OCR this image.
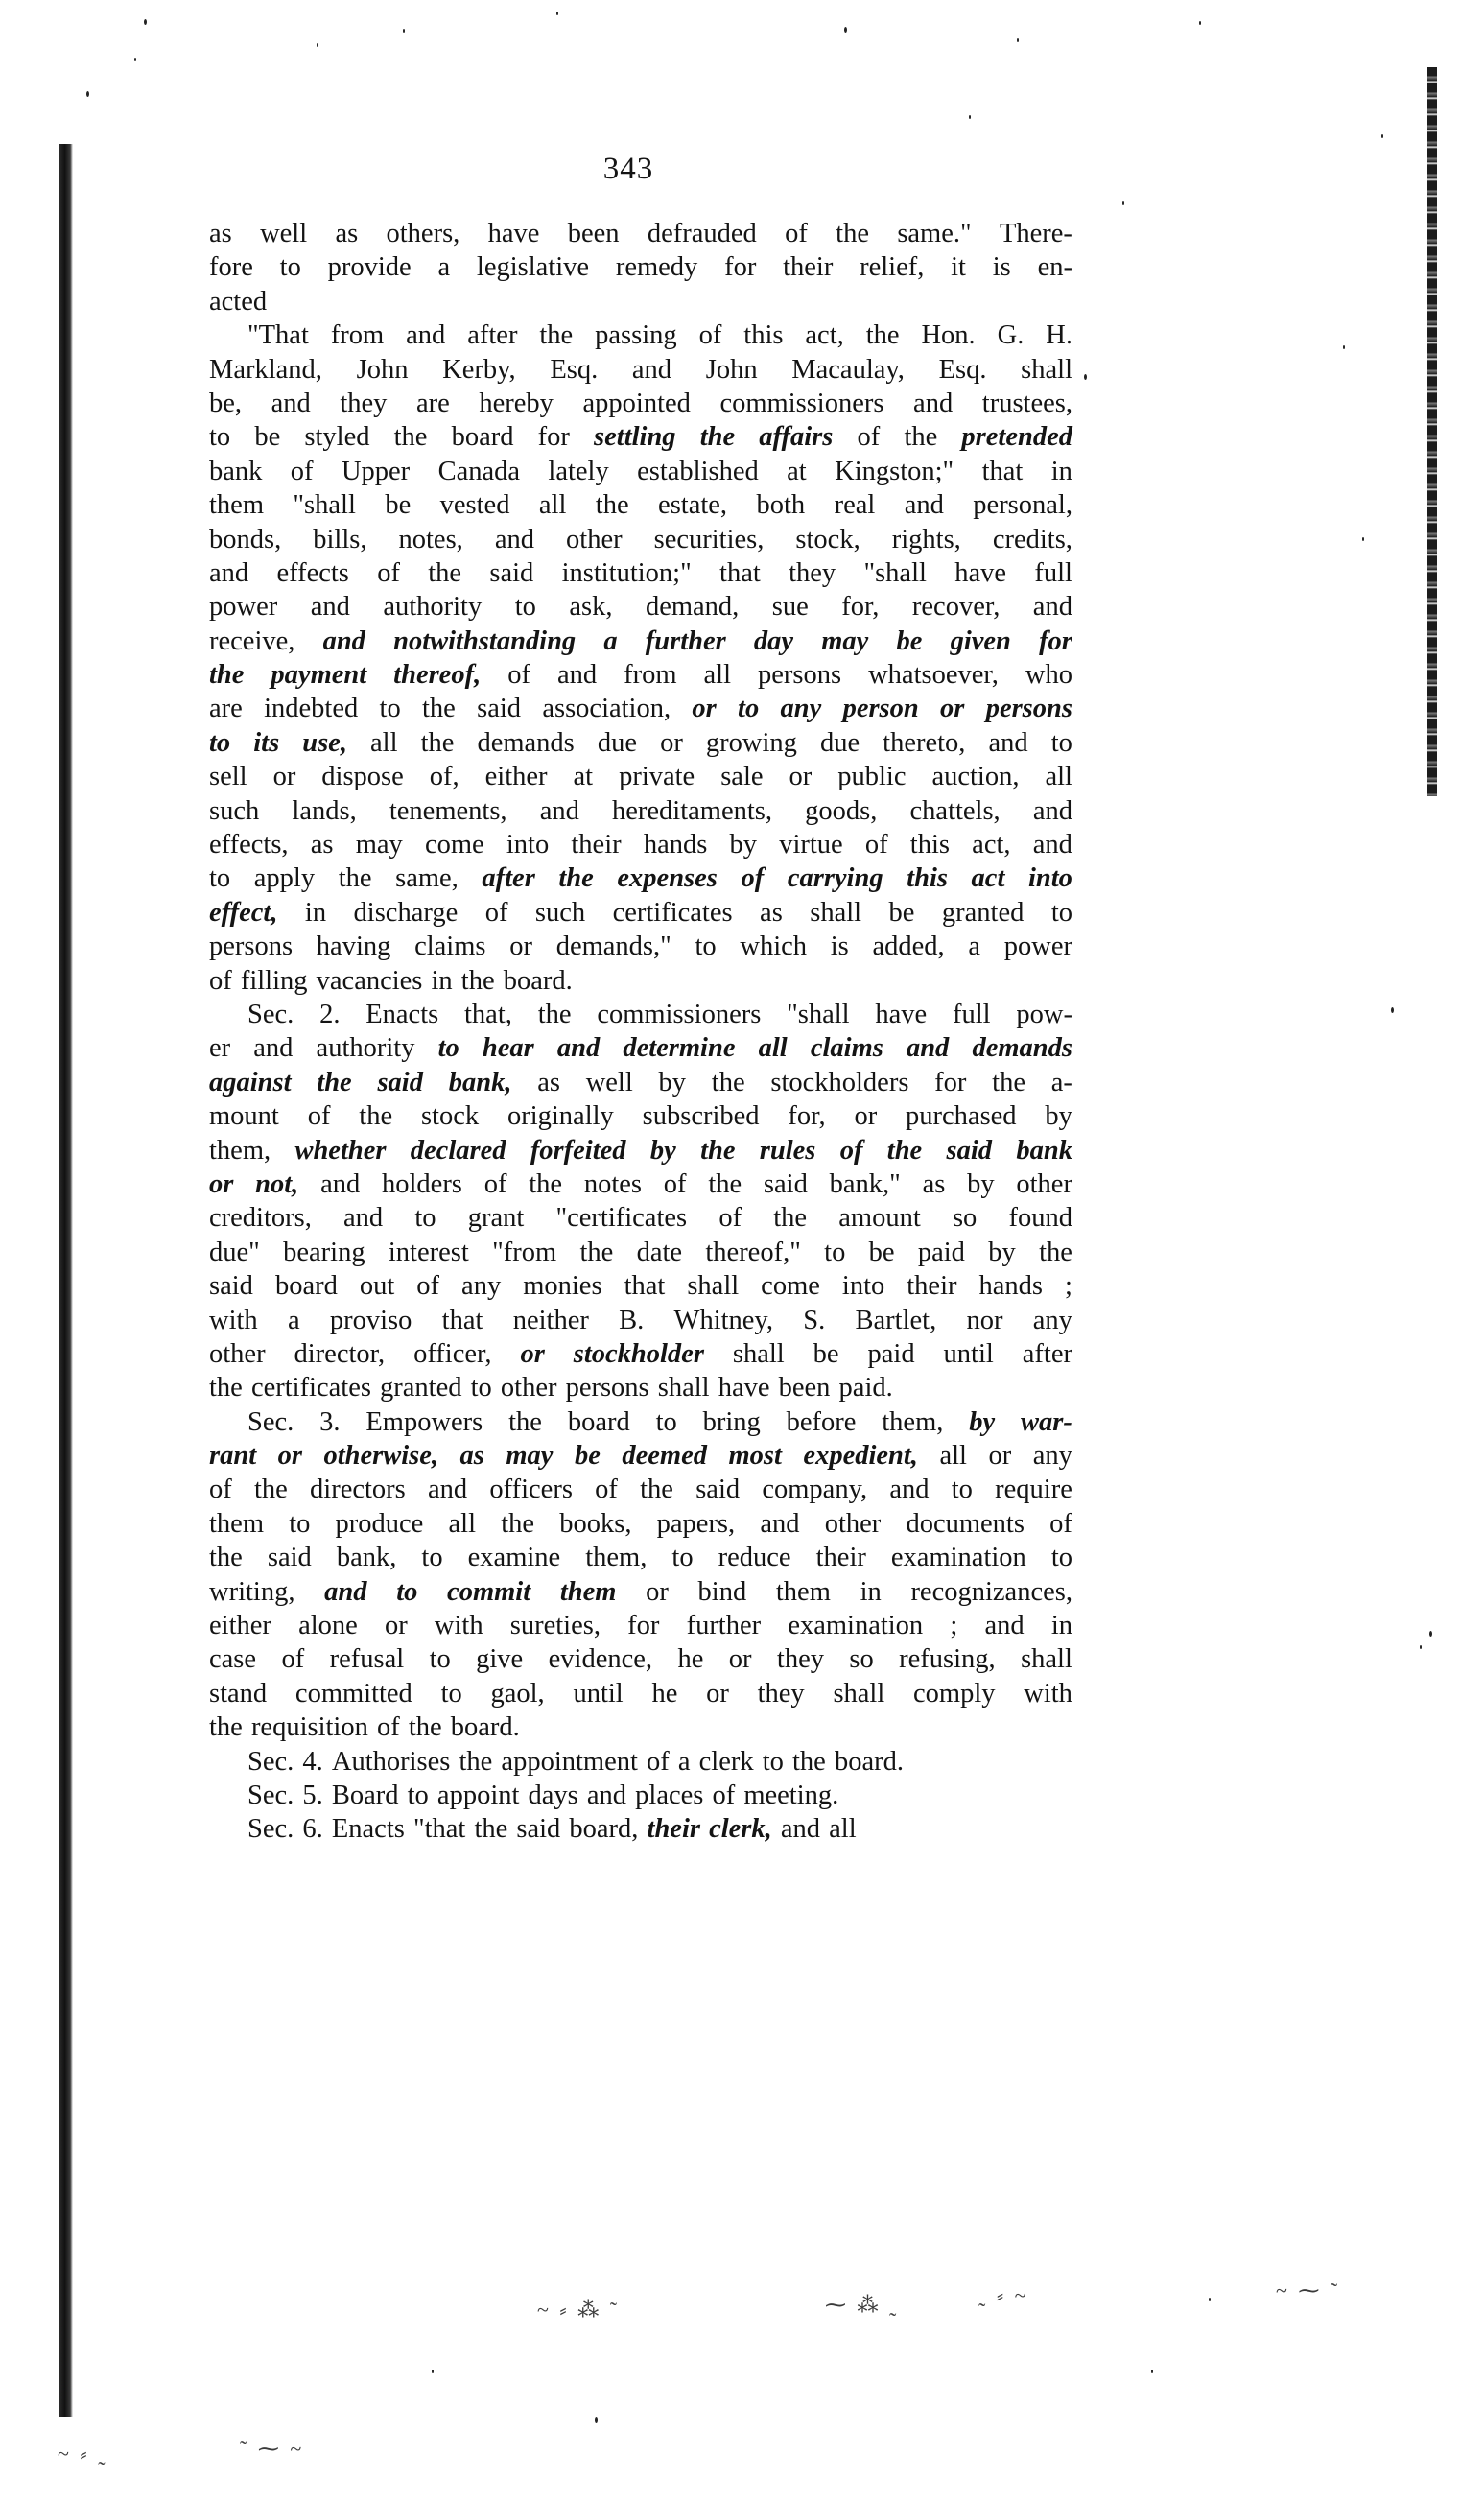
343
as well as others, have been defrauded of the same." There-
fore to provide a legislative remedy for their relief, it is en-
acted
"That from and after the passing of this act, the Hon. G. H.
Markland, John Kerby, Esq. and John Macaulay, Esq. shall
be, and they are hereby appointed commissioners and trustees,
to be styled the board for settling the affairs of the pretended
bank of Upper Canada lately established at Kingston;" that in
them "shall be vested all the estate, both real and personal,
bonds, bills, notes, and other securities, stock, rights, credits,
and effects of the said institution;" that they "shall have full
power and authority to ask, demand, sue for, recover, and
receive, and notwithstanding a further day may be given for
the payment thereof, of and from all persons whatsoever, who
are indebted to the said association, or to any person or persons
to its use, all the demands due or growing due thereto, and to
sell or dispose of, either at private sale or public auction, all
such lands, tenements, and hereditaments, goods, chattels, and
effects, as may come into their hands by virtue of this act, and
to apply the same, after the expenses of carrying this act into
effect, in discharge of such certificates as shall be granted to
persons having claims or demands," to which is added, a power
of filling vacancies in the board.
Sec. 2. Enacts that, the commissioners "shall have full pow-
er and authority to hear and determine all claims and demands
against the said bank, as well by the stockholders for the a-
mount of the stock originally subscribed for, or purchased by
them, whether declared forfeited by the rules of the said bank
or not, and holders of the notes of the said bank," as by other
creditors, and to grant "certificates of the amount so found
due" bearing interest "from the date thereof," to be paid by the
said board out of any monies that shall come into their hands ;
with a proviso that neither B. Whitney, S. Bartlet, nor any
other director, officer, or stockholder shall be paid until after
the certificates granted to other persons shall have been paid.
Sec. 3. Empowers the board to bring before them, by war-
rant or otherwise, as may be deemed most expedient, all or any
of the directors and officers of the said company, and to require
them to produce all the books, papers, and other documents of
the said bank, to examine them, to reduce their examination to
writing, and to commit them or bind them in recognizances,
either alone or with sureties, for further examination ; and in
case of refusal to give evidence, he or they so refusing, shall
stand committed to gaol, until he or they shall comply with
the requisition of the board.
Sec. 4. Authorises the appointment of a clerk to the board.
Sec. 5. Board to appoint days and places of meeting.
Sec. 6. Enacts "that the said board, their clerk, and all
~ ⸗ ⁂ ˜	⁓ ⁂ ˷	˷ ⸗ ~	~ ⁓ ˜
~ ⸗ ˷	˜ ⁓ ~
